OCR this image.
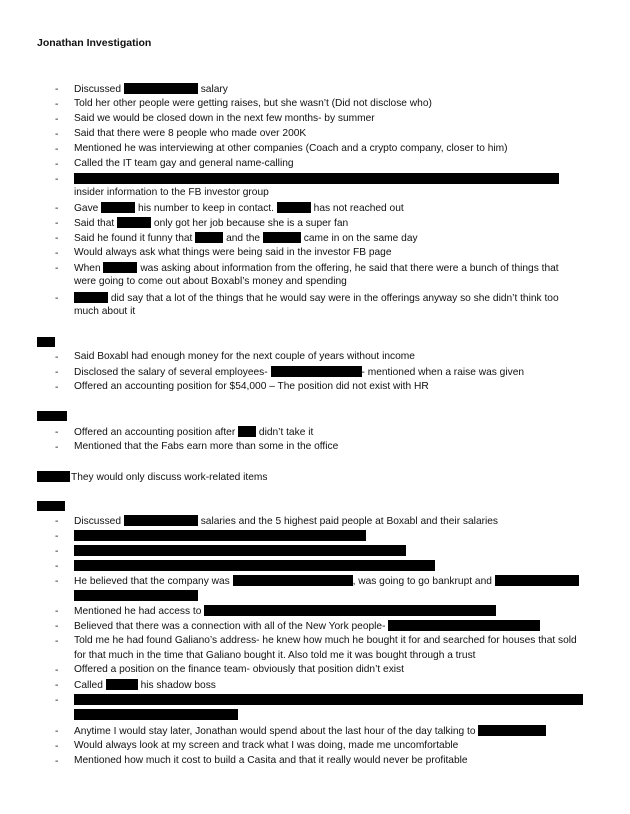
Jonathan Investigation
- Discussed	salary
- Told her other people were getting raises, but she wasn’t (Did not disclose who)
- Said we would be closed down in the next few months- by summer
- Said that there were 8 people who made over 200K
- Mentioned he was interviewing at other companies (Coach and a crypto company, closer to him)
- Called the IT team gay and general name-calling
-
insider information to the FB investor group
- Gave	his number to keep in contact.	has not reached out
- Said that	only got her job because she is a super fan
- Said he found it funny that	and the	came in on the same day
- Would always ask what things were being said in the investor FB page
- When	was asking about information from the offering, he said that there were a bunch of things that
were going to come out about Boxabl’s money and spending
-	did say that a lot of the things that he would say were in the offerings anyway so she didn’t think too
much about it
- Said Boxabl had enough money for the next couple of years without income
- Disclosed the salary of several employees-	- mentioned when a raise was given
- Offered an accounting position for $54,000 – The position did not exist with HR
- Offered an accounting position after didn’t take it
- Mentioned that the Fabs earn more than some in the office
They would only discuss work-related items
- Discussed	salaries and the 5 highest paid people at Boxabl and their salaries
-
-
-
- He believed that the company was	, was going to go bankrupt and
- Mentioned he had access to
- Believed that there was a connection with all of the New York people-
- Told me he had found Galiano’s address- he knew how much he bought it for and searched for houses that sold
for that much in the time that Galiano bought it. Also told me it was bought through a trust
- Offered a position on the finance team- obviously that position didn’t exist
- Called	his shadow boss
-
- Anytime I would stay later, Jonathan would spend about the last hour of the day talking to
- Would always look at my screen and track what I was doing, made me uncomfortable
- Mentioned how much it cost to build a Casita and that it really would never be profitable
